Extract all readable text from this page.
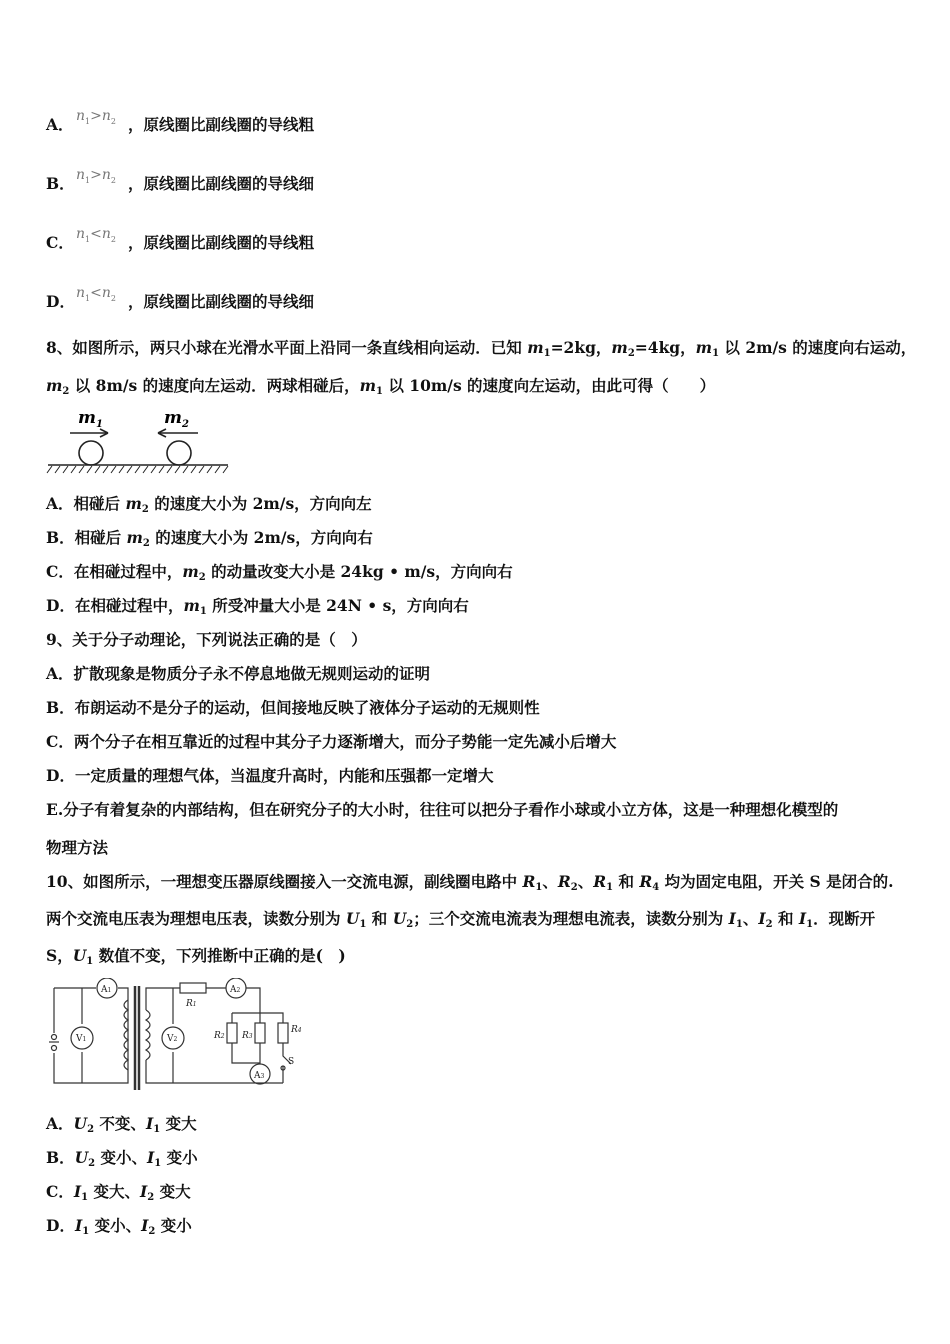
A． $n_1>n_2$ ，原线圈比副线圈的导线粗
B．$n_1>n_2$ ，原线圈比副线圈的导线细
C． $n_1<n_2$ ，原线圈比副线圈的导线粗
D．$n_1<n_2$ ，原线圈比副线圈的导线细
8、如图所示，两只小球在光滑水平面上沿同一条直线相向运动．已知 $m_1=2kg$，$m_2=4kg$，$m_1$ 以 2m/s 的速度向右运动，
$m_2$ 以 8m/s 的速度向左运动．两球相碰后，$m_1$ 以 10m/s 的速度向左运动，由此可得（　　）
$m_1$	$m_2$
A．相碰后 $m_2$ 的速度大小为 2m/s，方向向左
B．相碰后 $m_2$ 的速度大小为 2m/s，方向向右
C．在相碰过程中，$m_2$ 的动量改变大小是 24kg • m/s，方向向右
D．在相碰过程中，$m_1$ 所受冲量大小是 24N • s，方向向右
9、关于分子动理论，下列说法正确的是（　）
A．扩散现象是物质分子永不停息地做无规则运动的证明
B．布朗运动不是分子的运动，但间接地反映了液体分子运动的无规则性
C．两个分子在相互靠近的过程中其分子力逐渐增大，而分子势能一定先减小后增大
D．一定质量的理想气体，当温度升高时，内能和压强都一定增大
E.分子有着复杂的内部结构，但在研究分子的大小时，往往可以把分子看作小球或小立方体，这是一种理想化模型的
物理方法
10、如图所示，一理想变压器原线圈接入一交流电源，副线圈电路中 $R_1$、$R_2$、$R_1$ 和 $R_4$ 均为固定电阻，开关 S 是闭合的.
两个交流电压表为理想电压表，读数分别为 $U_1$ 和 $U_2$；三个交流电流表为理想电流表，读数分别为 $I_1$、$I_2$ 和 $I_1$．现断开
S，$U_1$ 数值不变，下列推断中正确的是(　)
A1
V1	V2
A2
A3
R1
R2 R3
R4
S
A．$U_2$ 不变、$I_1$ 变大
B．$U_2$ 变小、$I_1$ 变小
C．$I_1$ 变大、$I_2$ 变大
D．$I_1$ 变小、$I_2$ 变小
